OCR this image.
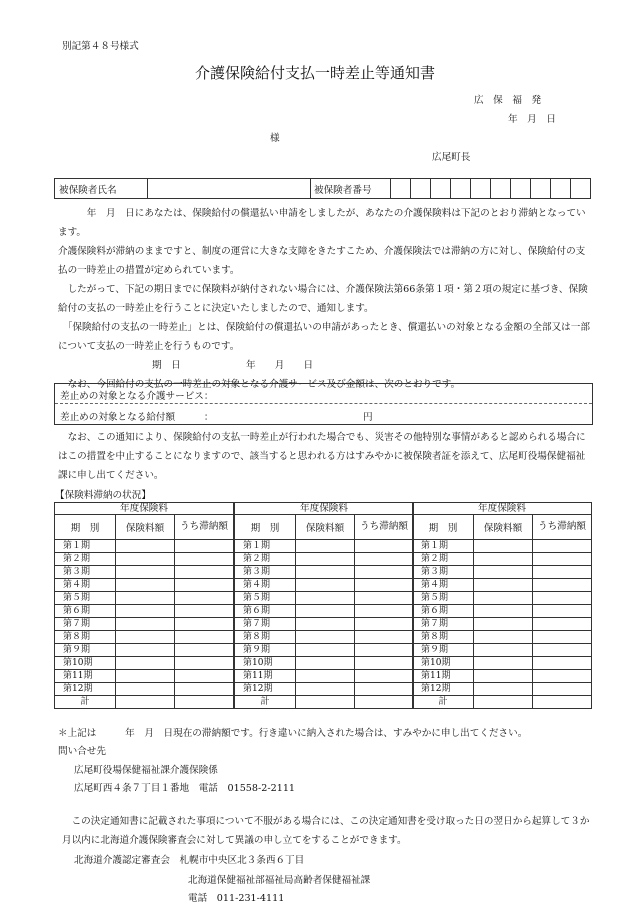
別記第４８号様式
介護保険給付支払一時差止等通知書
広　保　福　発
年　月　日
様
広尾町長
被保険者氏名		被保険者番号										

　　　年　月　日にあなたは、保険給付の償還払い申請をしましたが、あなたの介護保険料は下記のとおり滞納となっています。

介護保険料が滞納のままですと、制度の運営に大きな支障をきたすこため、介護保険法では滞納の方に対し、保険給付の支払の一時差止の措置が定められています。

　したがって、下記の期日までに保険料が納付されない場合には、介護保険法第66条第１項・第２項の規定に基づき、保険給付の支払の一時差止を行うことに決定いたしましたので、通知します。

　「保険給付の支払の一時差止」とは、保険給付の償還払いの申請があったとき、償還払いの対象となる金額の全部又は一部について支払の一時差止を行うものです。

期　日	年　　月　　日

　なお、今回給付の支払の一時差止の対象となる介護サービス及び金額は、次のとおりです。

差止めの対象となる介護サービス：
差止めの対象となる給付額　　　：	円

　なお、この通知により、保険給付の支払一時差止が行われた場合でも、災害その他特別な事情があると認められる場合にはこの措置を中止することになりますので、該当すると思われる方はすみやかに被保険者証を添えて、広尾町役場保健福祉課に申し出てください。

【保険料滞納の状況】
年度保険料		
期　別	保険料額	うち滞納額
第１期		
第２期		
第３期		
第４期		
第５期		
第６期		
第７期		
第８期		
第９期		
第10期		
第11期		
第12期		
計		
年度保険料		
期　別	保険料額	うち滞納額
第１期		
第２期		
第３期		
第４期		
第５期		
第６期		
第７期		
第８期		
第９期		
第10期		
第11期		
第12期		
計		
年度保険料		
期　別	保険料額	うち滞納額
第１期		
第２期		
第３期		
第４期		
第５期		
第６期		
第７期		
第８期		
第９期		
第10期		
第11期		
第12期		
計		
＊上記は　　　年　月　日現在の滞納額です。行き違いに納入された場合は、すみやかに申し出てください。
問い合せ先
広尾町役場保健福祉課介護保険係
広尾町西４条７丁目１番地　電話　01558-2-2111

　この決定通知書に記載された事項について不服がある場合には、この決定通知書を受け取った日の翌日から起算して３か月以内に北海道介護保険審査会に対して異議の申し立てをすることができます。

北海道介護認定審査会　札幌市中央区北３条西６丁目
北海道保健福祉部福祉局高齢者保健福祉課
電話　011-231-4111
